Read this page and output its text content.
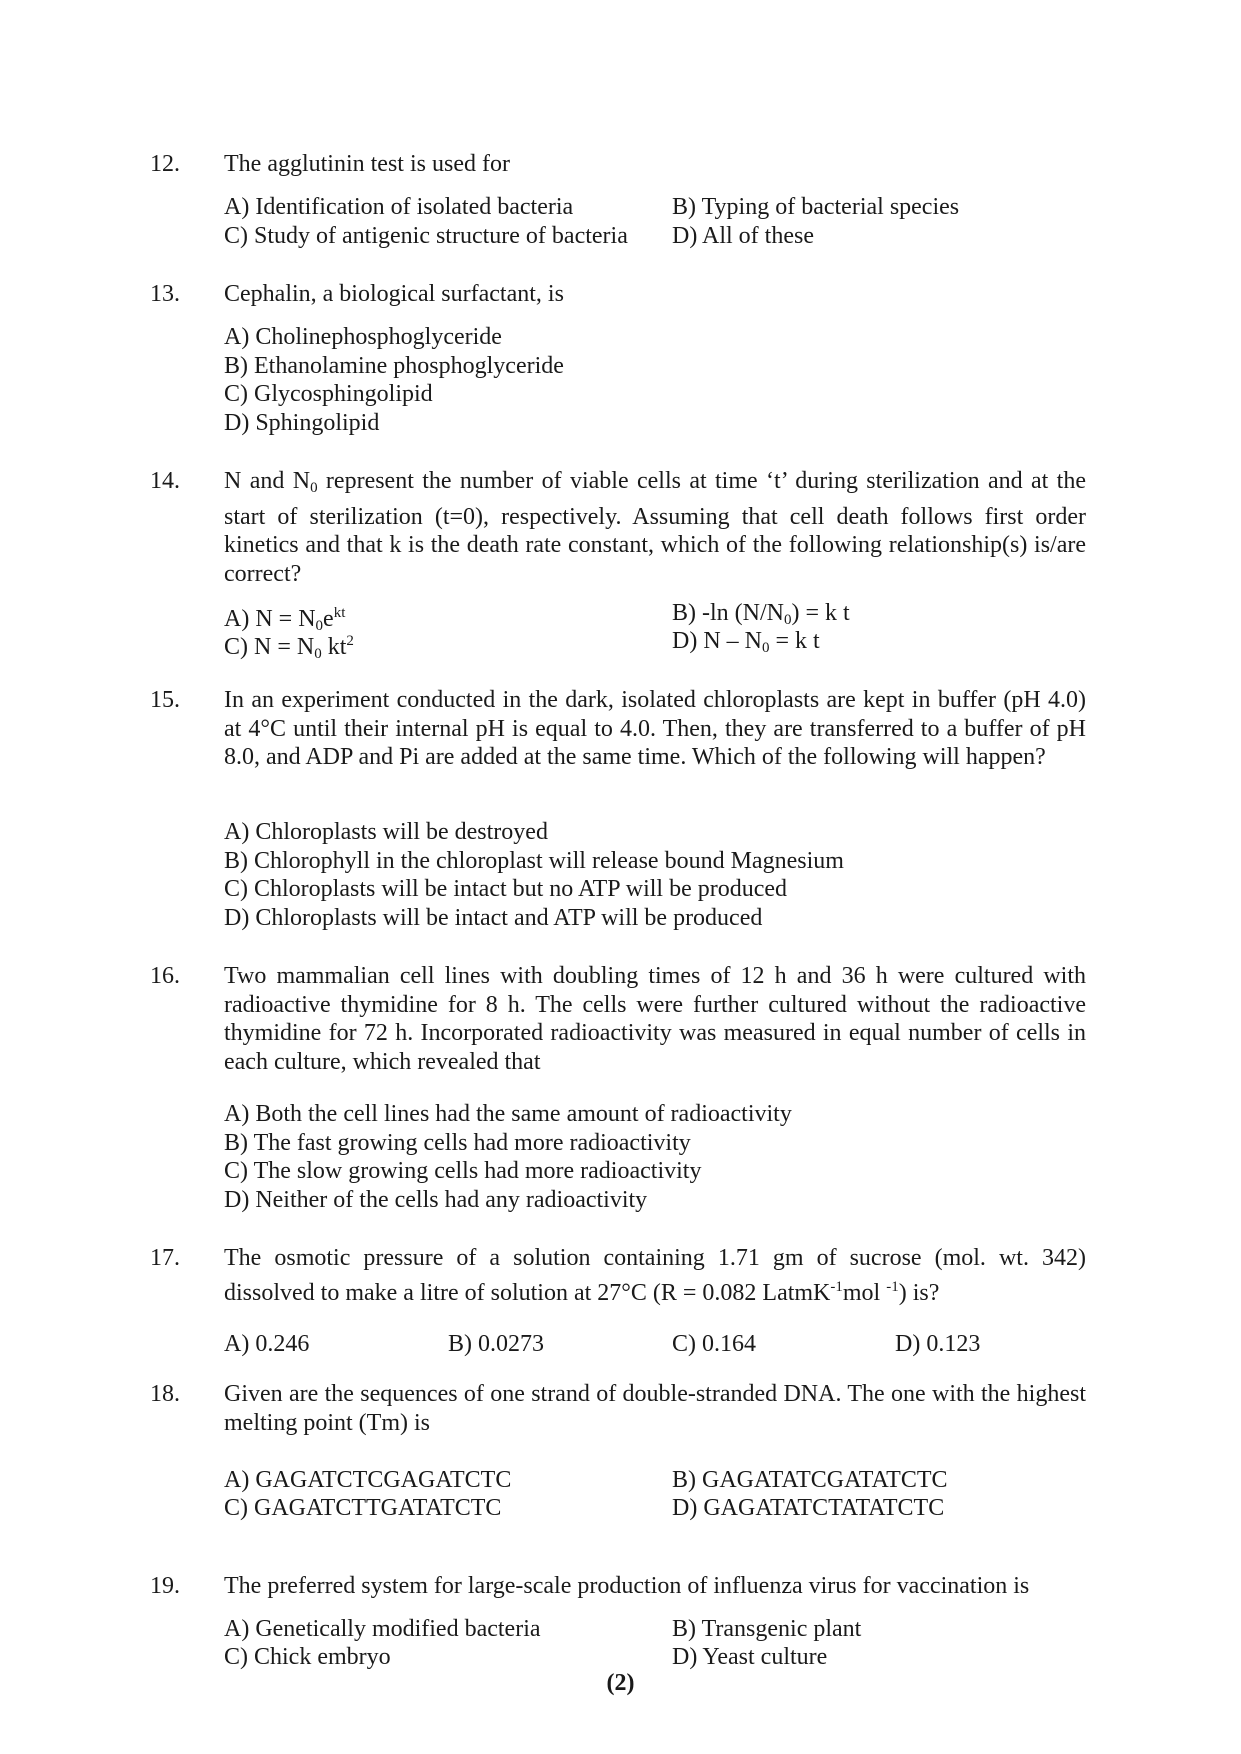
12. The agglutinin test is used for
A) Identification of isolated bacteria	B) Typing of bacterial species
C) Study of antigenic structure of bacteria D) All of these
13. Cephalin, a biological surfactant, is
A) Cholinephosphoglyceride
B) Ethanolamine phosphoglyceride
C) Glycosphingolipid
D) Sphingolipid
14. N and $N_0$ represent the number of viable cells at time ‘t’ during sterilization and at the start of sterilization (t=0), respectively. Assuming that cell death follows first order kinetics and that k is the death rate constant, which of the following relationship(s) is/are correct?
A) $N = N_0e^{kt}$	B) -ln $(N/N_0) = k$ t
C) $N = N_0$ $kt^2$	D) $N - N_0 = k$ t
15. In an experiment conducted in the dark, isolated chloroplasts are kept in buffer (pH 4.0) at 4°C until their internal pH is equal to 4.0. Then, they are transferred to a buffer of pH 8.0, and ADP and Pi are added at the same time. Which of the following will happen?
A) Chloroplasts will be destroyed
B) Chlorophyll in the chloroplast will release bound Magnesium
C) Chloroplasts will be intact but no ATP will be produced
D) Chloroplasts will be intact and ATP will be produced
16. Two mammalian cell lines with doubling times of 12 h and 36 h were cultured with radioactive thymidine for 8 h. The cells were further cultured without the radioactive thymidine for 72 h. Incorporated radioactivity was measured in equal number of cells in each culture, which revealed that
A) Both the cell lines had the same amount of radioactivity
B) The fast growing cells had more radioactivity
C) The slow growing cells had more radioactivity
D) Neither of the cells had any radioactivity
17. The osmotic pressure of a solution containing 1.71 gm of sucrose (mol. wt. 342) dissolved to make a litre of solution at 27°C (R = 0.082 LatmK$^{-1}$mol $^{-1}$) is?
A) 0.246	B) 0.0273	C) 0.164	D) 0.123
18. Given are the sequences of one strand of double-stranded DNA. The one with the highest melting point (Tm) is
A) GAGATCTCGAGATCTC	B) GAGATATCGATATCTC
C) GAGATCTTGATATCTC	D) GAGATATCTATATCTC
19. The preferred system for large-scale production of influenza virus for vaccination is
A) Genetically modified bacteria	B) Transgenic plant
C) Chick embryo	D) Yeast culture
(2)
